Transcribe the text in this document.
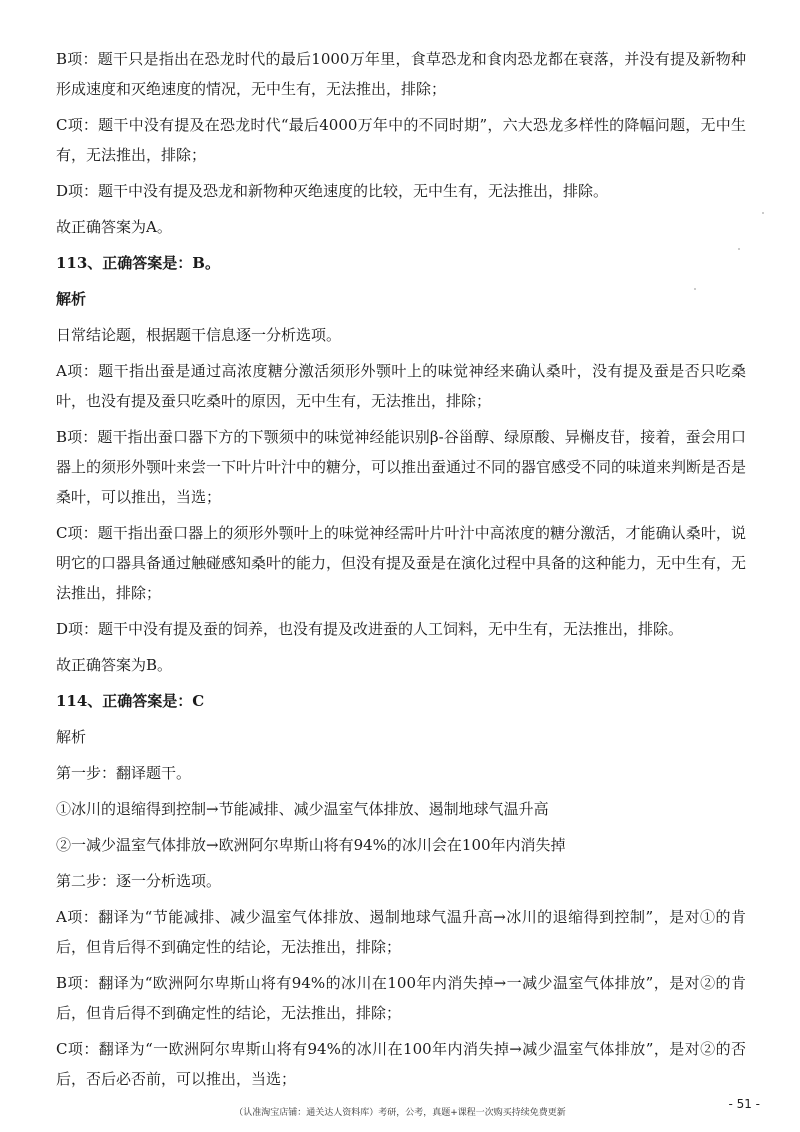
B项：题干只是指出在恐龙时代的最后1000万年里，食草恐龙和食肉恐龙都在衰落，并没有提及新物种形成速度和灭绝速度的情况，无中生有，无法推出，排除；

C项：题干中没有提及在恐龙时代“最后4000万年中的不同时期”，六大恐龙多样性的降幅问题，无中生有，无法推出，排除；

D项：题干中没有提及恐龙和新物种灭绝速度的比较，无中生有，无法推出，排除。

故正确答案为A。

113、正确答案是：B。

解析

日常结论题，根据题干信息逐一分析选项。

A项：题干指出蚕是通过高浓度糖分激活须形外颚叶上的味觉神经来确认桑叶，没有提及蚕是否只吃桑叶，也没有提及蚕只吃桑叶的原因，无中生有，无法推出，排除；

B项：题干指出蚕口器下方的下颚须中的味觉神经能识别β-谷甾醇、绿原酸、异槲皮苷，接着，蚕会用口器上的须形外颚叶来尝一下叶片叶汁中的糖分，可以推出蚕通过不同的器官感受不同的味道来判断是否是桑叶，可以推出，当选；

C项：题干指出蚕口器上的须形外颚叶上的味觉神经需叶片叶汁中高浓度的糖分激活，才能确认桑叶，说明它的口器具备通过触碰感知桑叶的能力，但没有提及蚕是在演化过程中具备的这种能力，无中生有，无法推出，排除；

D项：题干中没有提及蚕的饲养，也没有提及改进蚕的人工饲料，无中生有，无法推出，排除。

故正确答案为B。

114、正确答案是：C

解析

第一步：翻译题干。

①冰川的退缩得到控制→节能减排、减少温室气体排放、遏制地球气温升高

②一减少温室气体排放→欧洲阿尔卑斯山将有94%的冰川会在100年内消失掉

第二步：逐一分析选项。

A项：翻译为“节能减排、减少温室气体排放、遏制地球气温升高→冰川的退缩得到控制”，是对①的肯后，但肯后得不到确定性的结论，无法推出，排除；

B项：翻译为“欧洲阿尔卑斯山将有94%的冰川在100年内消失掉→一减少温室气体排放”，是对②的肯后，但肯后得不到确定性的结论，无法推出，排除；

C项：翻译为“一欧洲阿尔卑斯山将有94%的冰川在100年内消失掉→减少温室气体排放”，是对②的否后，否后必否前，可以推出，当选；

（认准淘宝店铺：通关达人资料库）考研，公考，真题+课程一次购买持续免费更新
- 51 -
